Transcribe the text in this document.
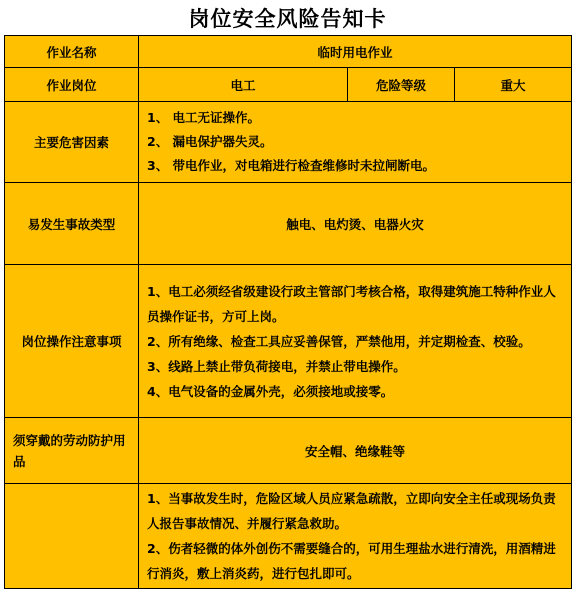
岗位安全风险告知卡
作业名称	临时用电作业		
作业岗位	电工	危险等级	重大
主要危害因素	1、 电工无证操作。
2、 漏电保护器失灵。
3、 带电作业，对电箱进行检查维修时未拉闸断电。		

易发生事故类型	触电、电灼烫、电器火灾		
岗位操作注意事项	1、电工必须经省级建设行政主管部门考核合格，取得建筑施工特种作业人员操作证书，方可上岗。
2、所有绝缘、检查工具应妥善保管，严禁他用，并定期检查、校验。
3、线路上禁止带负荷接电，并禁止带电操作。
4、电气设备的金属外壳，必须接地或接零。		

须穿戴的劳动防护用品	安全帽、绝缘鞋等		

	1、当事故发生时，危险区域人员应紧急疏散，立即向安全主任或现场负责人报告事故情况、并履行紧急救助。
2、伤者轻微的体外创伤不需要缝合的，可用生理盐水进行清洗，用酒精进行消炎，敷上消炎药，进行包扎即可。		
